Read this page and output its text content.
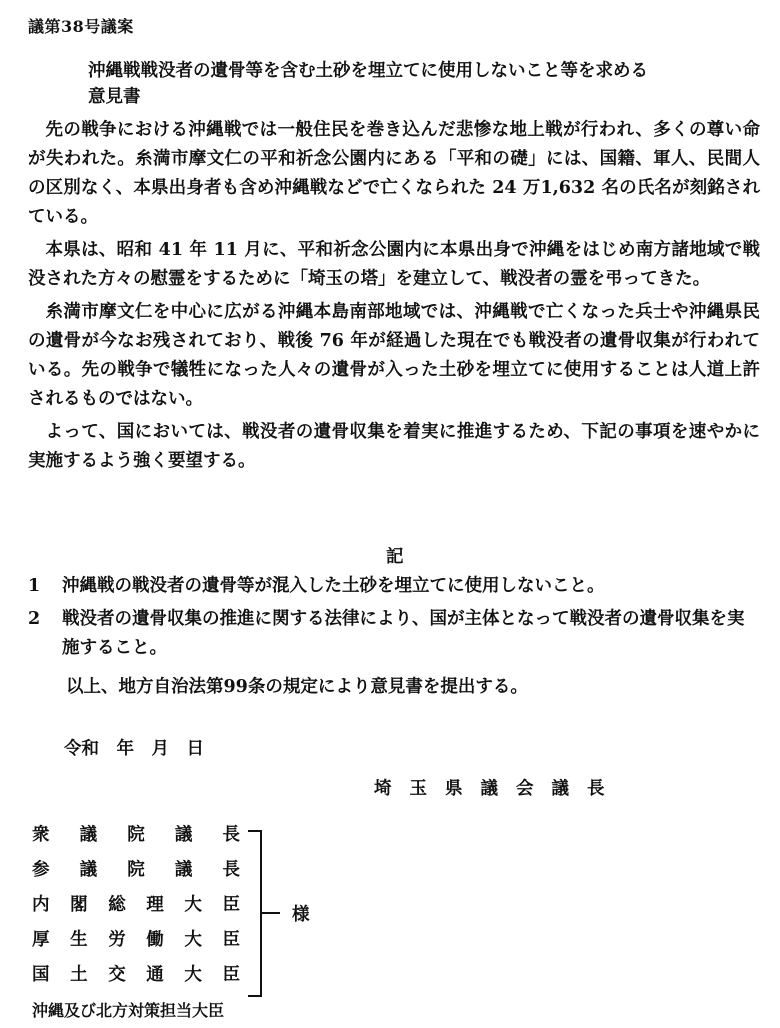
議第38号議案
沖縄戦戦没者の遺骨等を含む土砂を埋立てに使用しないこと等を求める
意見書

先の戦争における沖縄戦では一般住民を巻き込んだ悲惨な地上戦が行われ、多くの尊い命が失われた。糸満市摩文仁の平和祈念公園内にある「平和の礎」には、国籍、軍人、民間人の区別なく、本県出身者も含め沖縄戦などで亡くなられた 24 万1,632 名の氏名が刻銘されている。

本県は、昭和 41 年 11 月に、平和祈念公園内に本県出身で沖縄をはじめ南方諸地域で戦没された方々の慰霊をするために「埼玉の塔」を建立して、戦没者の霊を弔ってきた。

糸満市摩文仁を中心に広がる沖縄本島南部地域では、沖縄戦で亡くなった兵士や沖縄県民の遺骨が今なお残されており、戦後 76 年が経過した現在でも戦没者の遺骨収集が行われている。先の戦争で犠牲になった人々の遺骨が入った土砂を埋立てに使用することは人道上許されるものではない。

よって、国においては、戦没者の遺骨収集を着実に推進するため、下記の事項を速やかに実施するよう強く要望する。

記
1	沖縄戦の戦没者の遺骨等が混入した土砂を埋立てに使用しないこと。
2	戦没者の遺骨収集の推進に関する法律により、国が主体となって戦没者の遺骨収集を実施すること。
以上、地方自治法第99条の規定により意見書を提出する。
令和　年　月　日
埼玉県議会議長
衆 議 院 議 長
参 議 院 議 長
内 閣 総 理 大 臣
厚 生 労 働 大 臣
国 土 交 通 大 臣
沖縄及び北方対策担当大臣
様
